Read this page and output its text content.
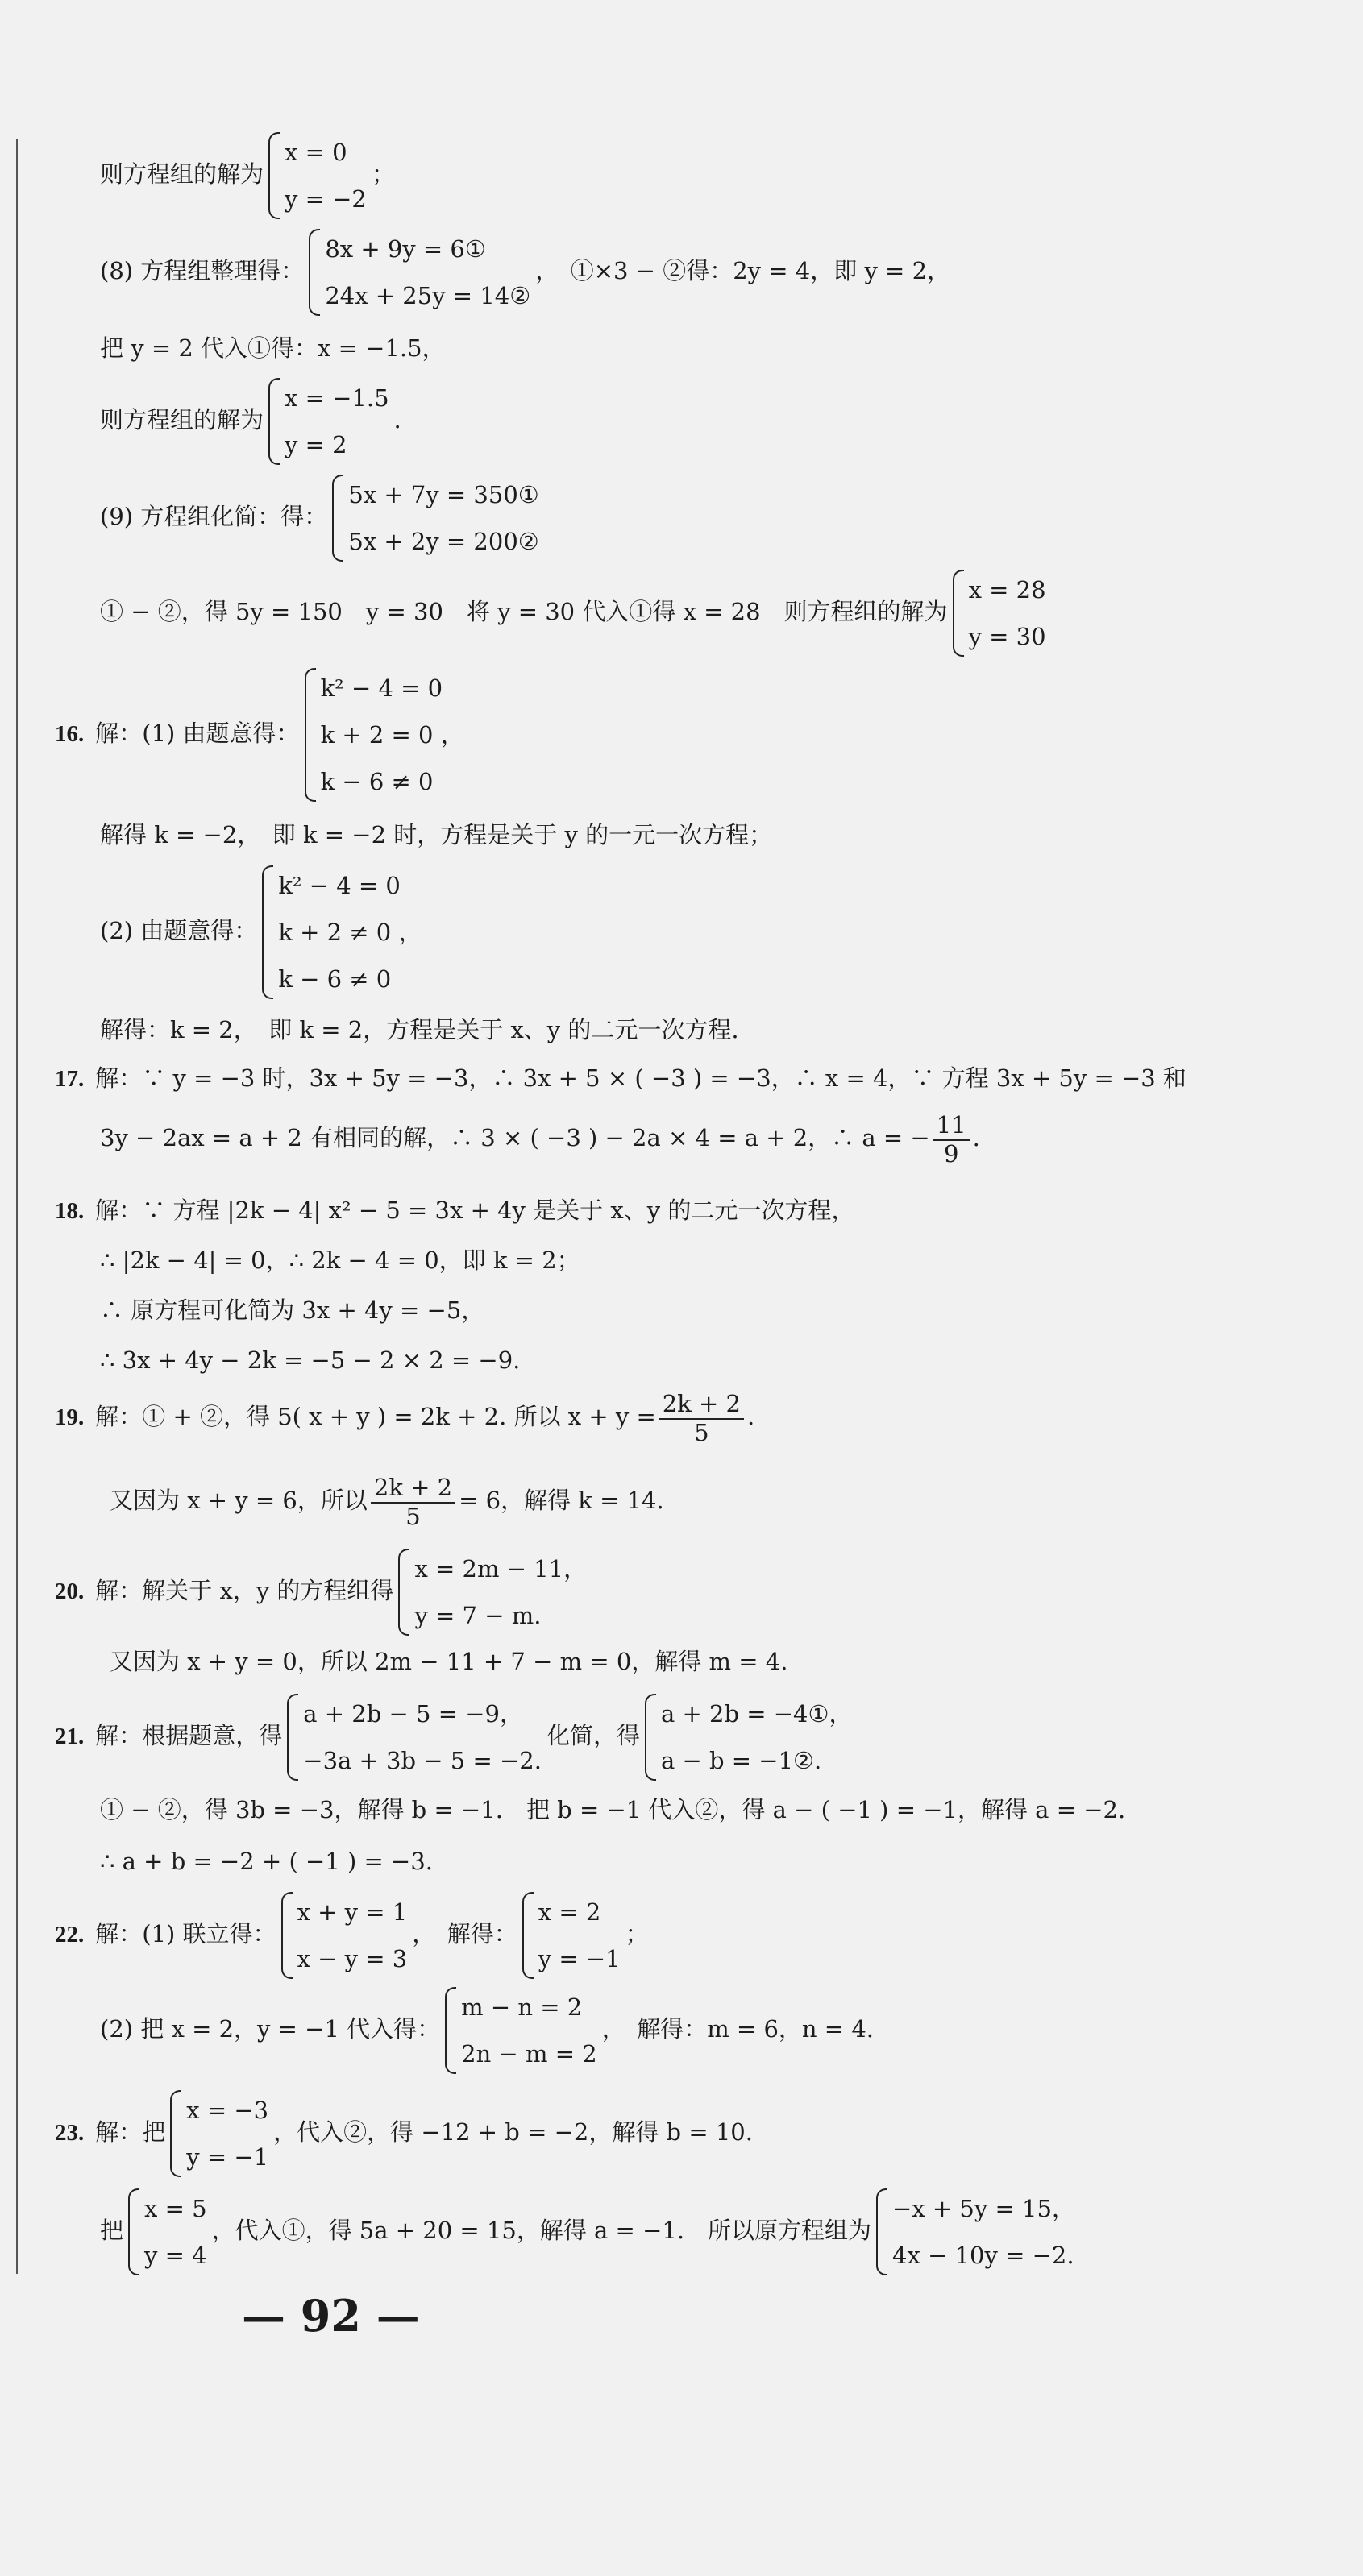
则方程组的解为
x = 0
y = −2
；
(8) 方程组整理得：
8x + 9y = 6①
24x + 25y = 14②
，　①×3 − ②得：2y = 4，即 y = 2，
把 y = 2 代入①得：x = −1.5，
则方程组的解为
x = −1.5
y = 2
.
(9) 方程组化简：得：
5x + 7y = 350①
5x + 2y = 200②
① − ②，得 5y = 150　y = 30　将 y = 30 代入①得 x = 28　则方程组的解为
x = 28
y = 30
16. 解：(1) 由题意得：
k² − 4 = 0
k + 2 = 0 ，
k − 6 ≠ 0
解得 k = −2，　即 k = −2 时，方程是关于 y 的一元一次方程；
(2) 由题意得：
k² − 4 = 0
k + 2 ≠ 0 ，
k − 6 ≠ 0
解得：k = 2，　即 k = 2，方程是关于 x、y 的二元一次方程.
17. 解：∵ y = −3 时，3x + 5y = −3，∴ 3x + 5 × ( −3 ) = −3，∴ x = 4，∵ 方程 3x + 5y = −3 和
3y − 2ax = a + 2 有相同的解，∴ 3 × ( −3 ) − 2a × 4 = a + 2，∴ a = − $\frac{11}{9}$ .
18. 解：∵ 方程 |2k − 4| x² − 5 = 3x + 4y 是关于 x、y 的二元一次方程，
∴ |2k − 4| = 0，∴ 2k − 4 = 0，即 k = 2；
∴ 原方程可化简为 3x + 4y = −5，
∴ 3x + 4y − 2k = −5 − 2 × 2 = −9.
19. 解：① + ②，得 5( x + y ) = 2k + 2. 所以 $x + y = \frac{2k + 2}{5}$ .
又因为 x + y = 6，所以 $\frac{2k + 2}{5} = 6$，解得 k = 14.
20. 解：解关于 x，y 的方程组得
x = 2m − 11，
y = 7 − m.
又因为 x + y = 0，所以 2m − 11 + 7 − m = 0，解得 m = 4.
21. 解：根据题意，得
a + 2b − 5 = −9，
−3a + 3b − 5 = −2.
化简，得
a + 2b = −4①，
a − b = −1②.
① − ②，得 3b = −3，解得 b = −1.　把 b = −1 代入②，得 a − ( −1 ) = −1，解得 a = −2.
∴ a + b = −2 + ( −1 ) = −3.
22. 解：(1) 联立得：
x + y = 1
x − y = 3
，　解得：
x = 2
y = −1
；
(2) 把 x = 2，y = −1 代入得：
m − n = 2
2n − m = 2
，　解得：m = 6，n = 4.
23. 解：把
x = −3
y = −1
，代入②，得 −12 + b = −2，解得 b = 10.
把
x = 5
y = 4
，代入①，得 5a + 20 = 15，解得 a = −1.　所以原方程组为
−x + 5y = 15，
4x − 10y = −2.
— 92 —
